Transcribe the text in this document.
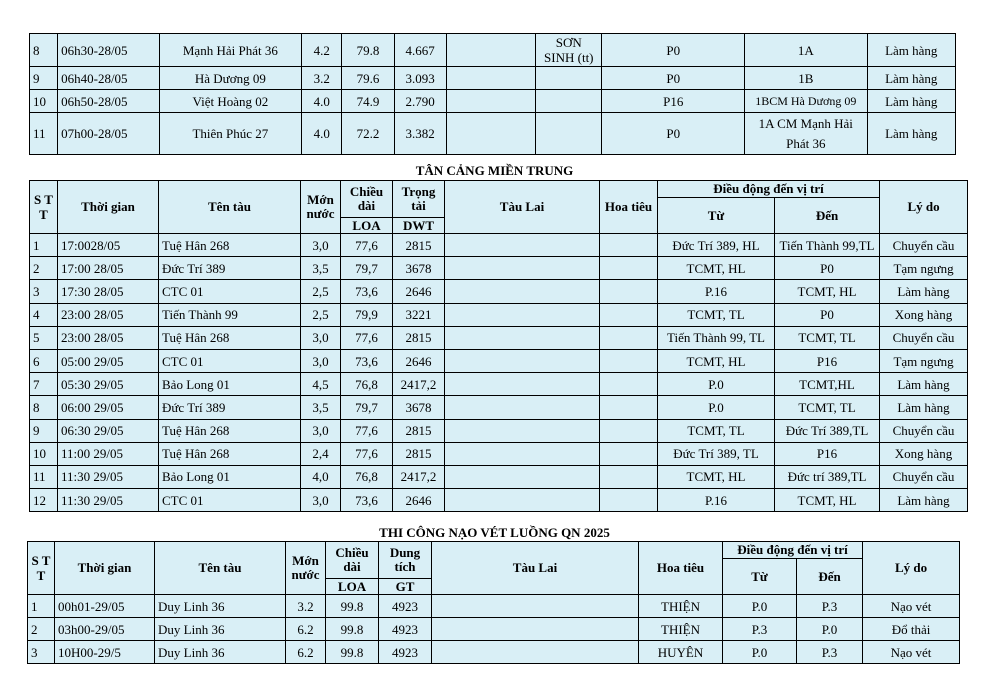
8	06h30-28/05	Mạnh Hải Phát 36	4.2	79.8	4.667		SƠN SINH (tt)	P0	1A	Làm hàng
9	06h40-28/05	Hà Dương 09	3.2	79.6	3.093			P0	1B	Làm hàng
10	06h50-28/05	Việt Hoàng 02	4.0	74.9	2.790			P16	1BCM Hà Dương 09	Làm hàng
11	07h00-28/05	Thiên Phúc 27	4.0	72.2	3.382			P0	1A CM Mạnh Hải Phát 36	Làm hàng
TÂN CẢNG MIỀN TRUNG
S T T	Thời gian	Tên tàu	Mớn nước	Chiều dài	Trọng tải	Tàu Lai	Hoa tiêu	Điều động đến vị trí		Lý do
								Từ	Đến	
				LOA	DWT					
1	17:0028/05	Tuệ Hân 268	3,0	77,6	2815			Đức Trí 389, HL	Tiến Thành 99,TL	Chuyển cầu
2	17:00 28/05	Đức Trí 389	3,5	79,7	3678			TCMT, HL	P0	Tạm ngưng
3	17:30 28/05	CTC 01	2,5	73,6	2646			P.16	TCMT, HL	Làm hàng
4	23:00 28/05	Tiến Thành 99	2,5	79,9	3221			TCMT, TL	P0	Xong hàng
5	23:00 28/05	Tuệ Hân 268	3,0	77,6	2815			Tiến Thành 99, TL	TCMT, TL	Chuyển cầu
6	05:00 29/05	CTC 01	3,0	73,6	2646			TCMT, HL	P16	Tạm ngưng
7	05:30 29/05	Bảo Long 01	4,5	76,8	2417,2			P.0	TCMT,HL	Làm hàng
8	06:00 29/05	Đức Trí 389	3,5	79,7	3678			P.0	TCMT, TL	Làm hàng
9	06:30 29/05	Tuệ Hân 268	3,0	77,6	2815			TCMT, TL	Đức Trí 389,TL	Chuyển cầu
10	11:00 29/05	Tuệ Hân 268	2,4	77,6	2815			Đức Trí 389, TL	P16	Xong hàng
11	11:30 29/05	Bảo Long 01	4,0	76,8	2417,2			TCMT, HL	Đức trí 389,TL	Chuyển cầu
12	11:30 29/05	CTC 01	3,0	73,6	2646			P.16	TCMT, HL	Làm hàng
THI CÔNG NẠO VÉT LUỒNG QN 2025
S T T	Thời gian	Tên tàu	Mớn nước	Chiều dài	Dung tích	Tàu Lai	Hoa tiêu	Điều động đến vị trí		Lý do
								Từ	Đến	
				LOA	GT					
1	00h01-29/05	Duy Linh 36	3.2	99.8	4923		THIỆN	P.0	P.3	Nạo vét
2	03h00-29/05	Duy Linh 36	6.2	99.8	4923		THIỆN	P.3	P.0	Đổ thải
3	10H00-29/5	Duy Linh 36	6.2	99.8	4923		HUYÊN	P.0	P.3	Nạo vét
